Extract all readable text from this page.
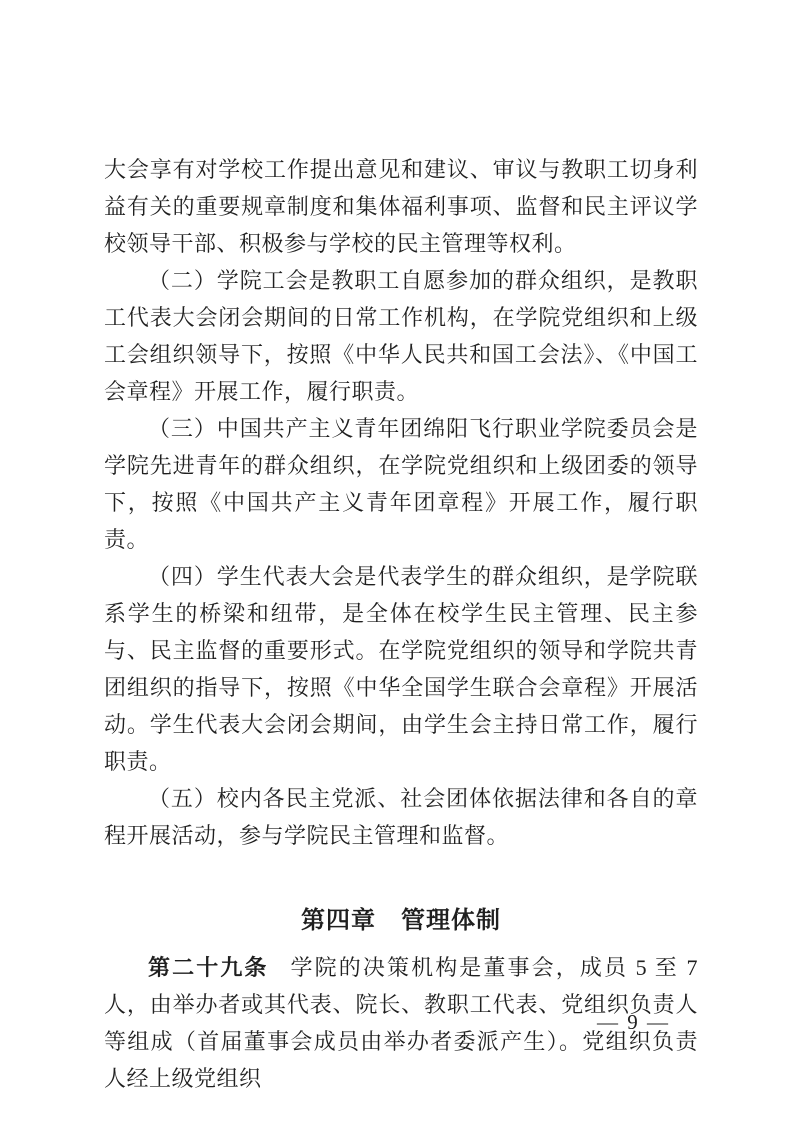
大会享有对学校工作提出意见和建议、审议与教职工切身利益有关的重要规章制度和集体福利事项、监督和民主评议学校领导干部、积极参与学校的民主管理等权利。

（二）学院工会是教职工自愿参加的群众组织，是教职工代表大会闭会期间的日常工作机构，在学院党组织和上级工会组织领导下，按照《中华人民共和国工会法》、《中国工会章程》开展工作，履行职责。

（三）中国共产主义青年团绵阳飞行职业学院委员会是学院先进青年的群众组织，在学院党组织和上级团委的领导下，按照《中国共产主义青年团章程》开展工作，履行职责。

（四）学生代表大会是代表学生的群众组织，是学院联系学生的桥梁和纽带，是全体在校学生民主管理、民主参与、民主监督的重要形式。在学院党组织的领导和学院共青团组织的指导下，按照《中华全国学生联合会章程》开展活动。学生代表大会闭会期间，由学生会主持日常工作，履行职责。

（五）校内各民主党派、社会团体依据法律和各自的章程开展活动，参与学院民主管理和监督。

第四章　管理体制

第二十九条 学院的决策机构是董事会，成员 5 至 7 人，由举办者或其代表、院长、教职工代表、党组织负责人等组成（首届董事会成员由举办者委派产生）。党组织负责人经上级党组织

— 9 —
